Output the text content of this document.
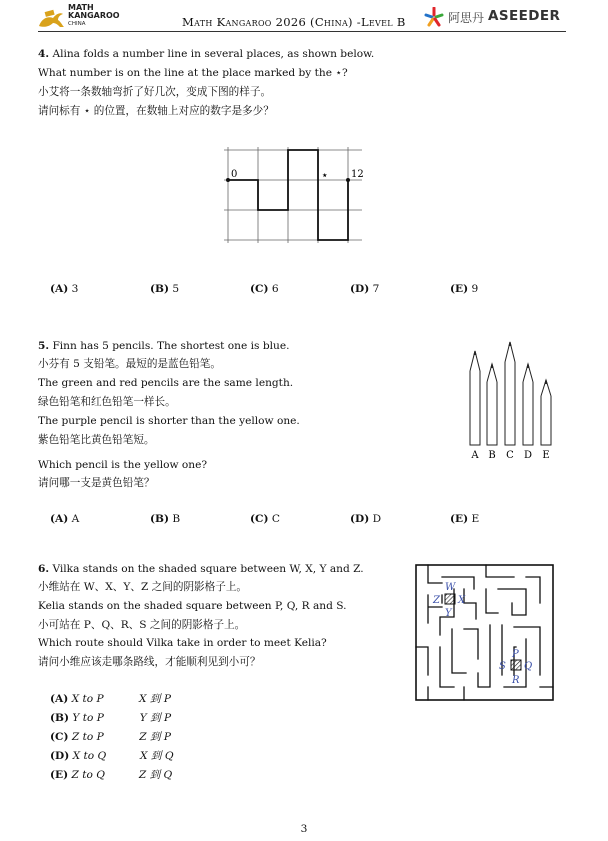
MATH
KANGAROO
CHINA	Math Kangaroo 2026 (China) -Level B	阿思丹 ASEEDER
4. Alina folds a number line in several places, as shown below.
What number is on the line at the place marked by the ⋆?
小艾将一条数轴弯折了好几次，变成下图的样子。
请问标有 ⋆ 的位置，在数轴上对应的数字是多少？
0	12
⋆
(A) 3	(B) 5	(C) 6	(D) 7	(E) 9
5. Finn has 5 pencils. The shortest one is blue.
小芬有 5 支铅笔。最短的是蓝色铅笔。
The green and red pencils are the same length.
绿色铅笔和红色铅笔一样长。
The purple pencil is shorter than the yellow one.
紫色铅笔比黄色铅笔短。
Which pencil is the yellow one?
请问哪一支是黄色铅笔？
A B C D E
(A) A	(B) B	(C) C	(D) D	(E) E
6. Vilka stands on the shaded square between W, X, Y and Z.
小维站在 W、X、Y、Z 之间的阴影格子上。
Kelia stands on the shaded square between P, Q, R and S.
小可站在 P、Q、R、S 之间的阴影格子上。
Which route should Vilka take in order to meet Kelia?
请问小维应该走哪条路线，才能顺利见到小可？
W
Z X
Y
P
S Q
R
(A) X to P	X 到 P
(B) Y to P	Y 到 P
(C) Z to P	Z 到 P
(D) X to Q	X 到 Q
(E) Z to Q	Z 到 Q
3
